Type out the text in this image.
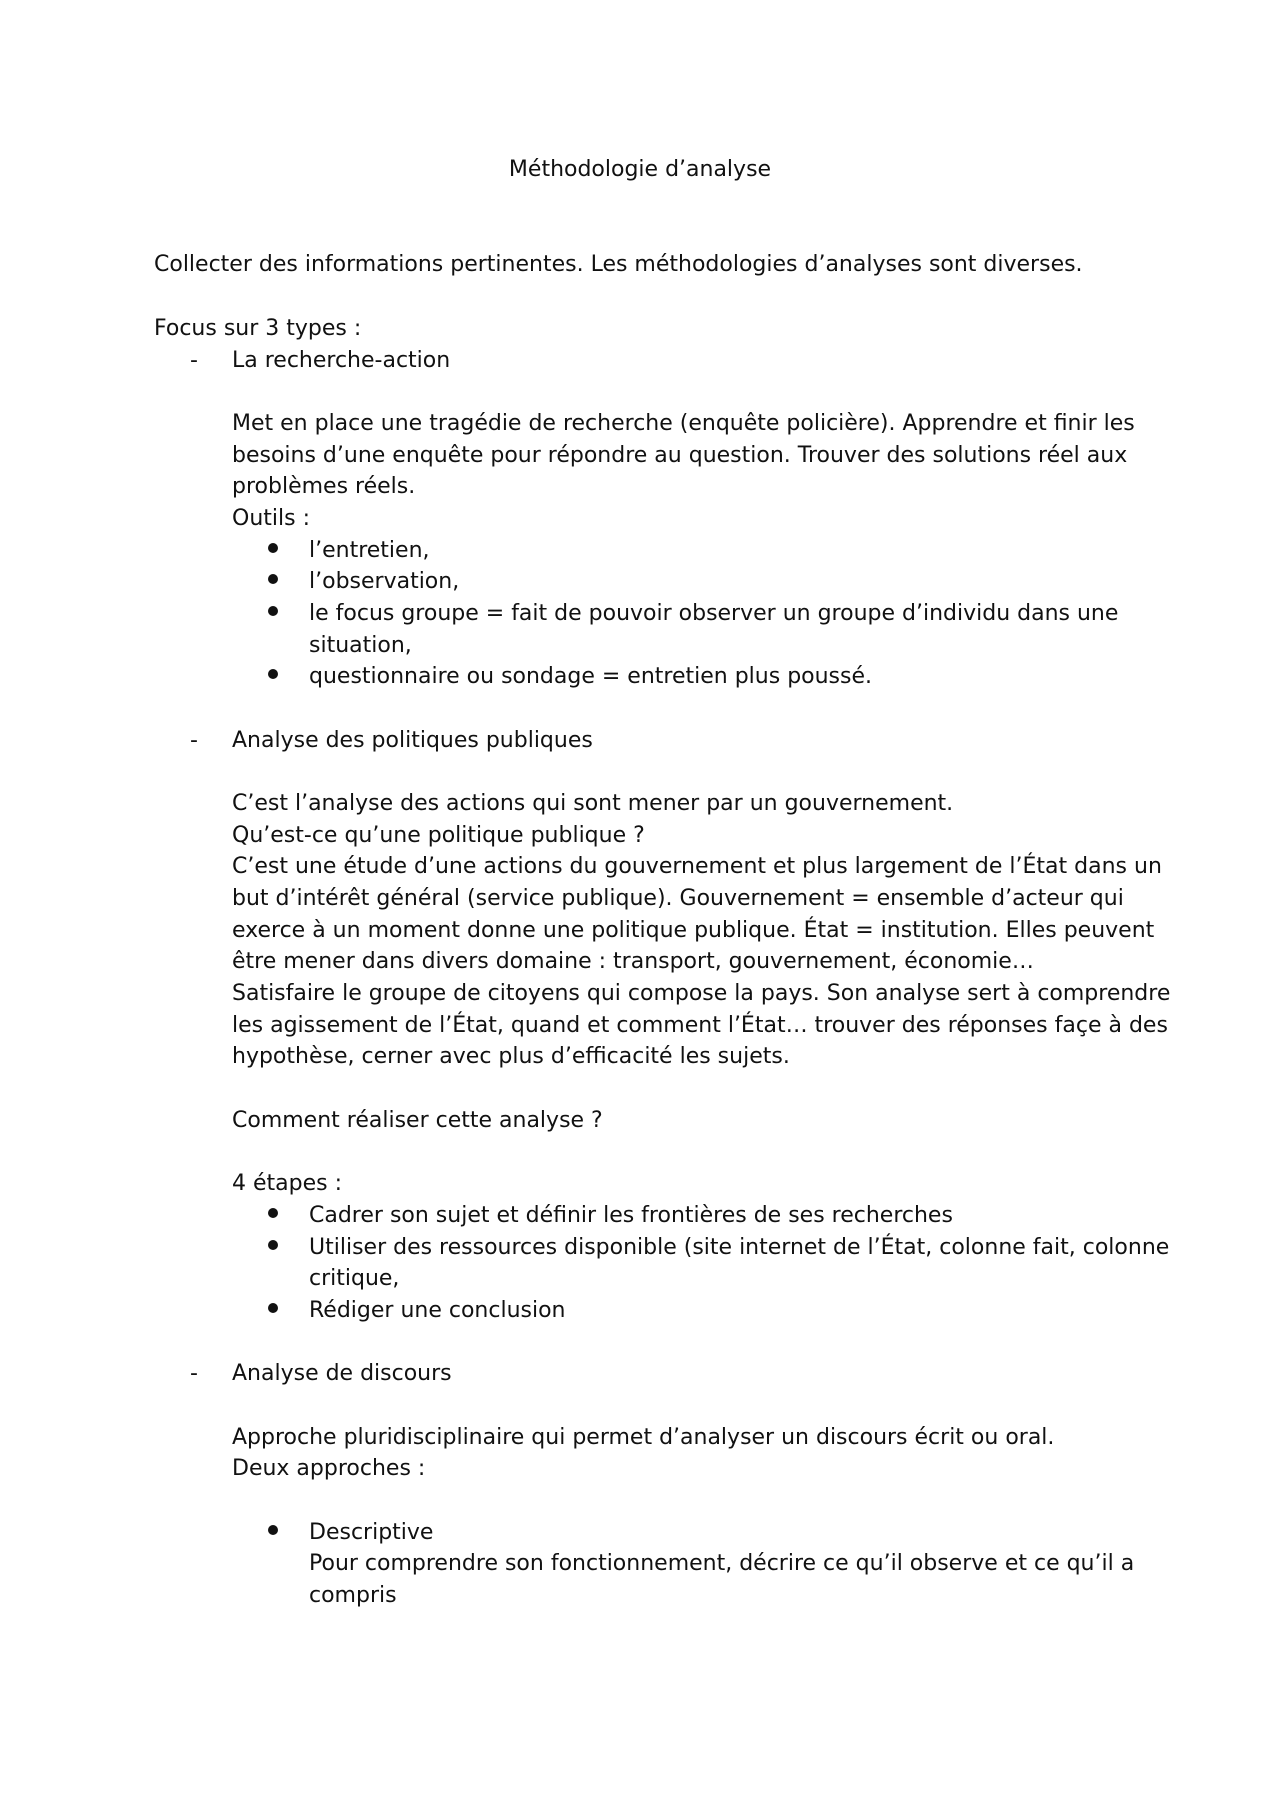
Méthodologie d’analyse
Collecter des informations pertinentes. Les méthodologies d’analyses sont diverses.
Focus sur 3 types :
- La recherche-action
Met en place une tragédie de recherche (enquête policière). Apprendre et finir les
besoins d’une enquête pour répondre au question. Trouver des solutions réel aux
problèmes réels.
Outils :
l’entretien,
l’observation,
le focus groupe = fait de pouvoir observer un groupe d’individu dans une
situation,
questionnaire ou sondage = entretien plus poussé.
- Analyse des politiques publiques
C’est l’analyse des actions qui sont mener par un gouvernement.
Qu’est-ce qu’une politique publique ?
C’est une étude d’une actions du gouvernement et plus largement de l’État dans un
but d’intérêt général (service publique). Gouvernement = ensemble d’acteur qui
exerce à un moment donne une politique publique. État = institution. Elles peuvent
être mener dans divers domaine : transport, gouvernement, économie…
Satisfaire le groupe de citoyens qui compose la pays. Son analyse sert à comprendre
les agissement de l’État, quand et comment l’État… trouver des réponses façe à des
hypothèse, cerner avec plus d’efficacité les sujets.
Comment réaliser cette analyse ?
4 étapes :
Cadrer son sujet et définir les frontières de ses recherches
Utiliser des ressources disponible (site internet de l’État, colonne fait, colonne
critique,
Rédiger une conclusion
- Analyse de discours
Approche pluridisciplinaire qui permet d’analyser un discours écrit ou oral.
Deux approches :
Descriptive
Pour comprendre son fonctionnement, décrire ce qu’il observe et ce qu’il a
compris
